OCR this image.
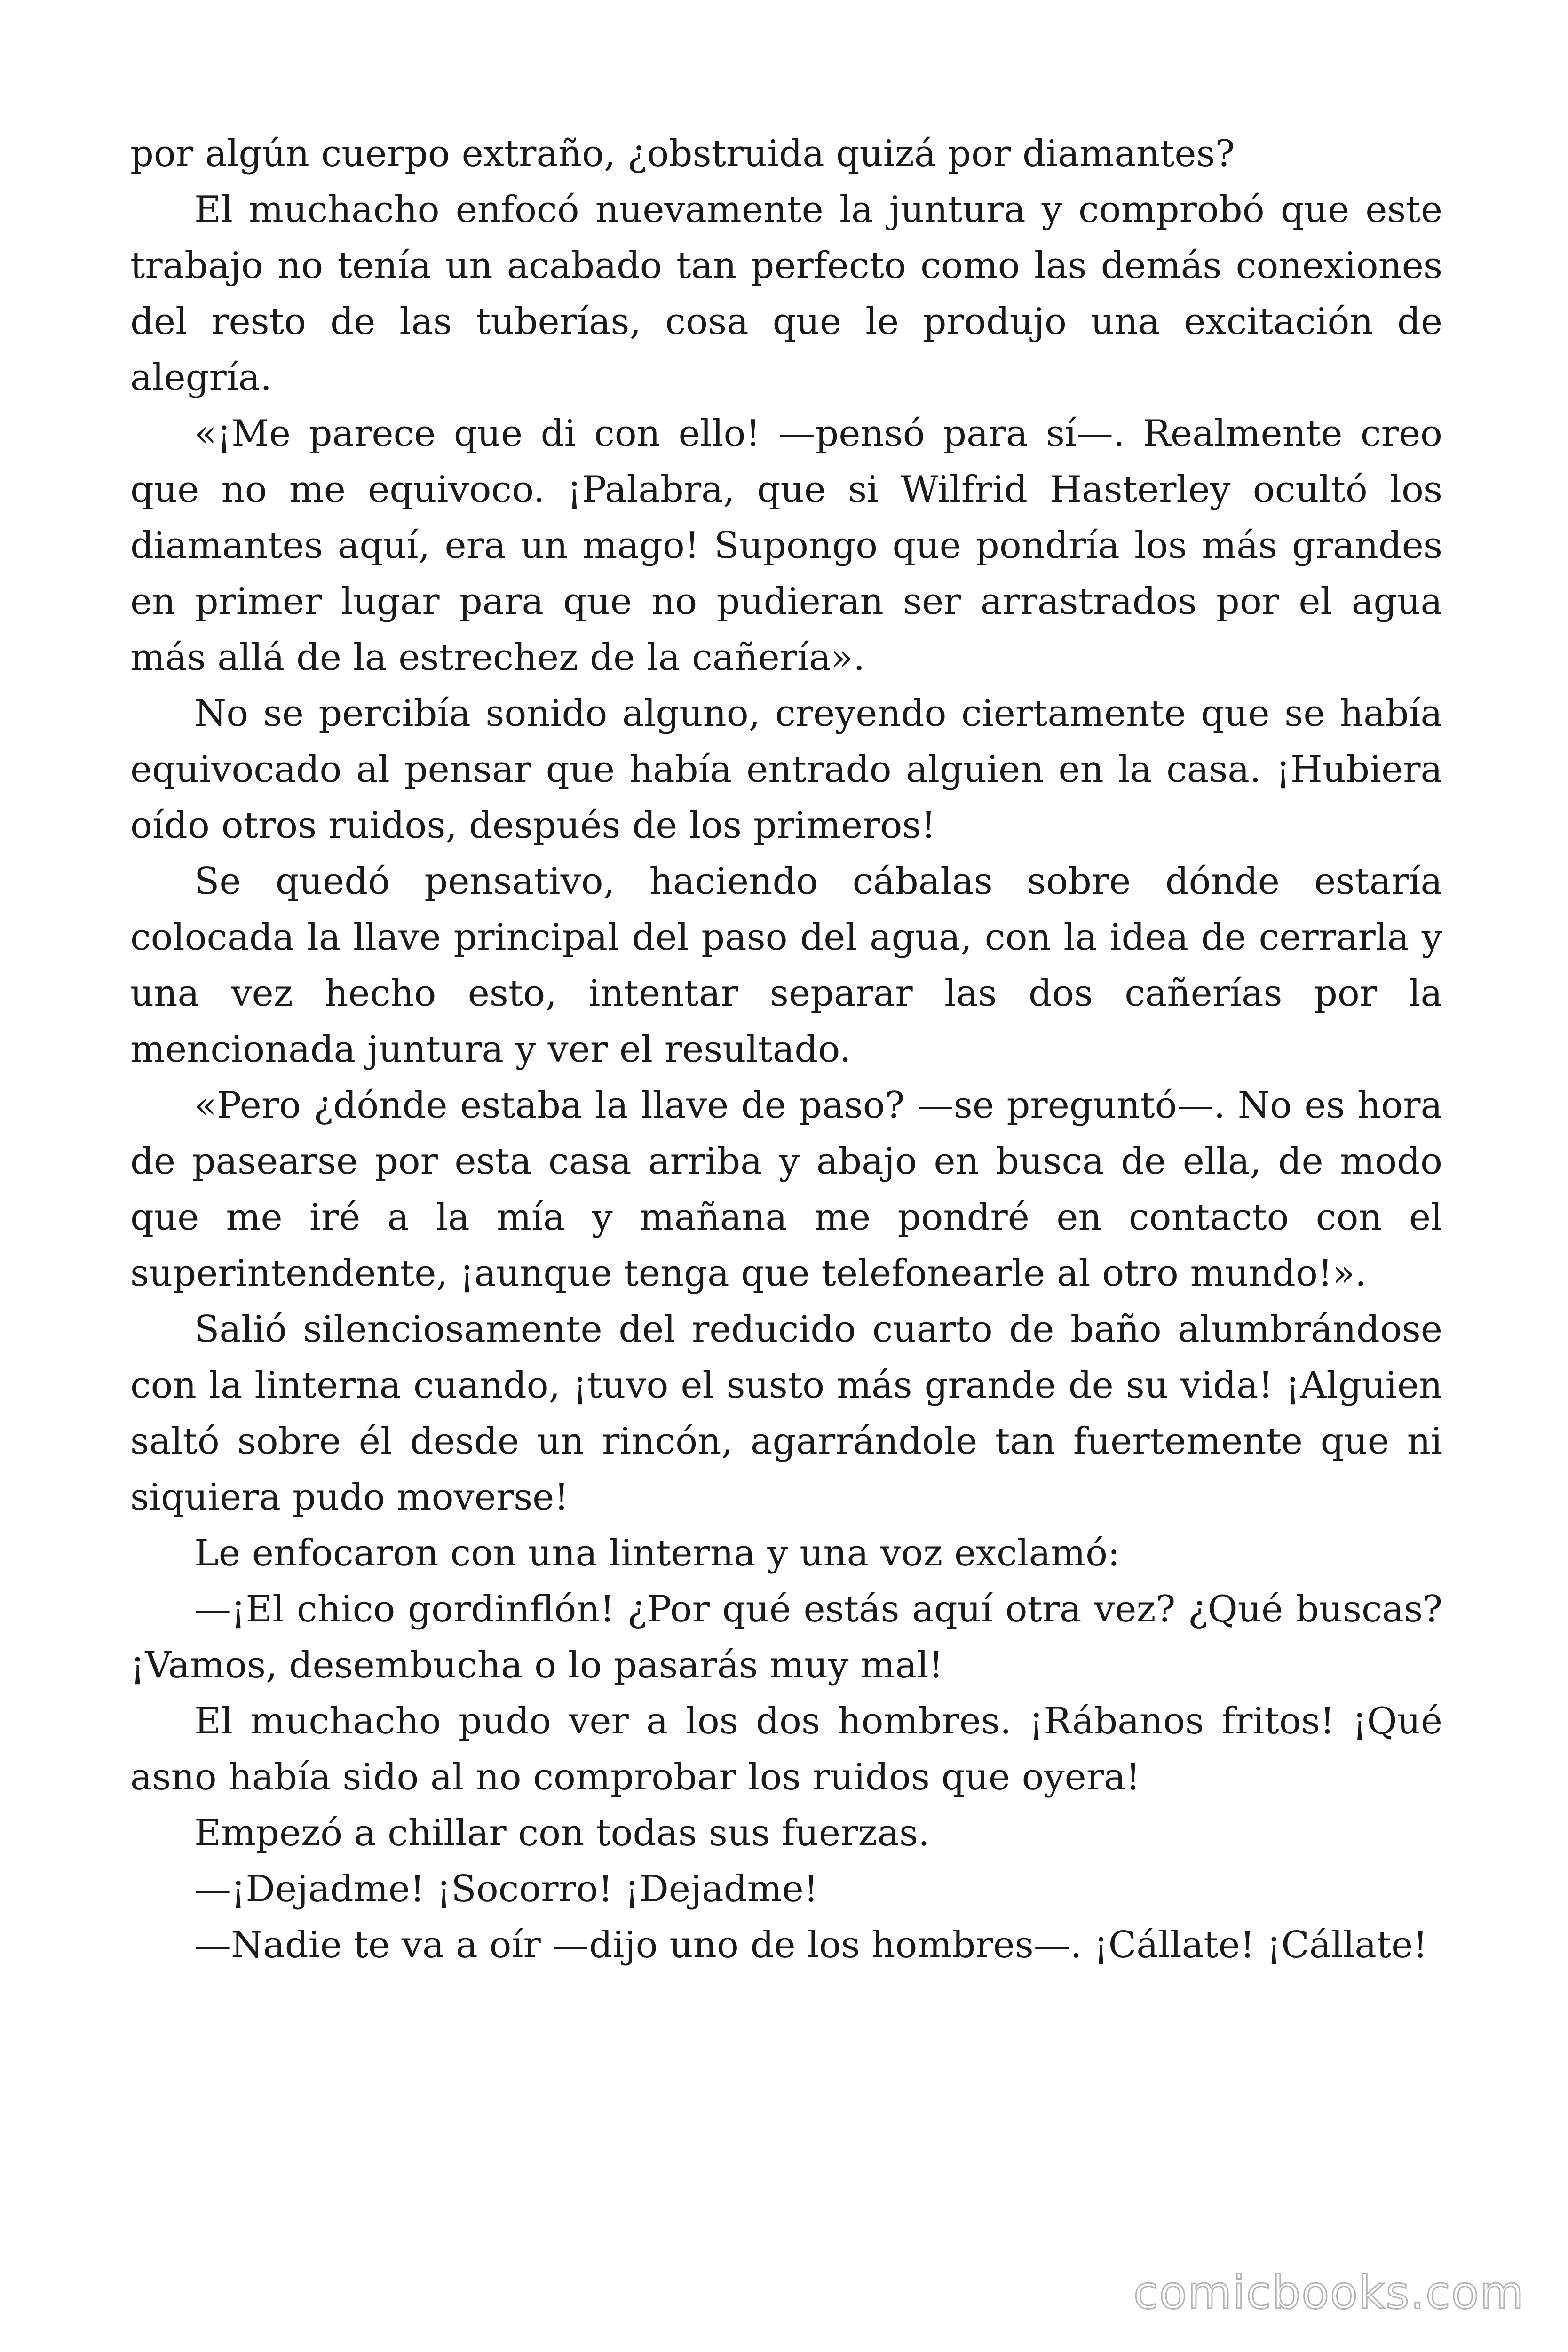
por algún cuerpo extraño, ¿obstruida quizá por diamantes?

El muchacho enfocó nuevamente la juntura y comprobó que este trabajo no tenía un acabado tan perfecto como las demás conexiones del resto de las tuberías, cosa que le produjo una excitación de alegría.

«¡Me parece que di con ello! —pensó para sí—. Realmente creo que no me equivoco. ¡Palabra, que si Wilfrid Hasterley ocultó los diamantes aquí, era un mago! Supongo que pondría los más grandes en primer lugar para que no pudieran ser arrastrados por el agua más allá de la estrechez de la cañería».

No se percibía sonido alguno, creyendo ciertamente que se había equivocado al pensar que había entrado alguien en la casa. ¡Hubiera oído otros ruidos, después de los primeros!

Se quedó pensativo, haciendo cábalas sobre dónde estaría colocada la llave principal del paso del agua, con la idea de cerrarla y una vez hecho esto, intentar separar las dos cañerías por la mencionada juntura y ver el resultado.

«Pero ¿dónde estaba la llave de paso? —se preguntó—. No es hora de pasearse por esta casa arriba y abajo en busca de ella, de modo que me iré a la mía y mañana me pondré en contacto con el superintendente, ¡aunque tenga que telefonearle al otro mundo!».

Salió silenciosamente del reducido cuarto de baño alumbrándose con la linterna cuando, ¡tuvo el susto más grande de su vida! ¡Alguien saltó sobre él desde un rincón, agarrándole tan fuertemente que ni siquiera pudo moverse!

Le enfocaron con una linterna y una voz exclamó:

—¡El chico gordinflón! ¿Por qué estás aquí otra vez? ¿Qué buscas? ¡Vamos, desembucha o lo pasarás muy mal!

El muchacho pudo ver a los dos hombres. ¡Rábanos fritos! ¡Qué asno había sido al no comprobar los ruidos que oyera!

Empezó a chillar con todas sus fuerzas.

—¡Dejadme! ¡Socorro! ¡Dejadme!

—Nadie te va a oír —dijo uno de los hombres—. ¡Cállate! ¡Cállate!

comicbooks.com
